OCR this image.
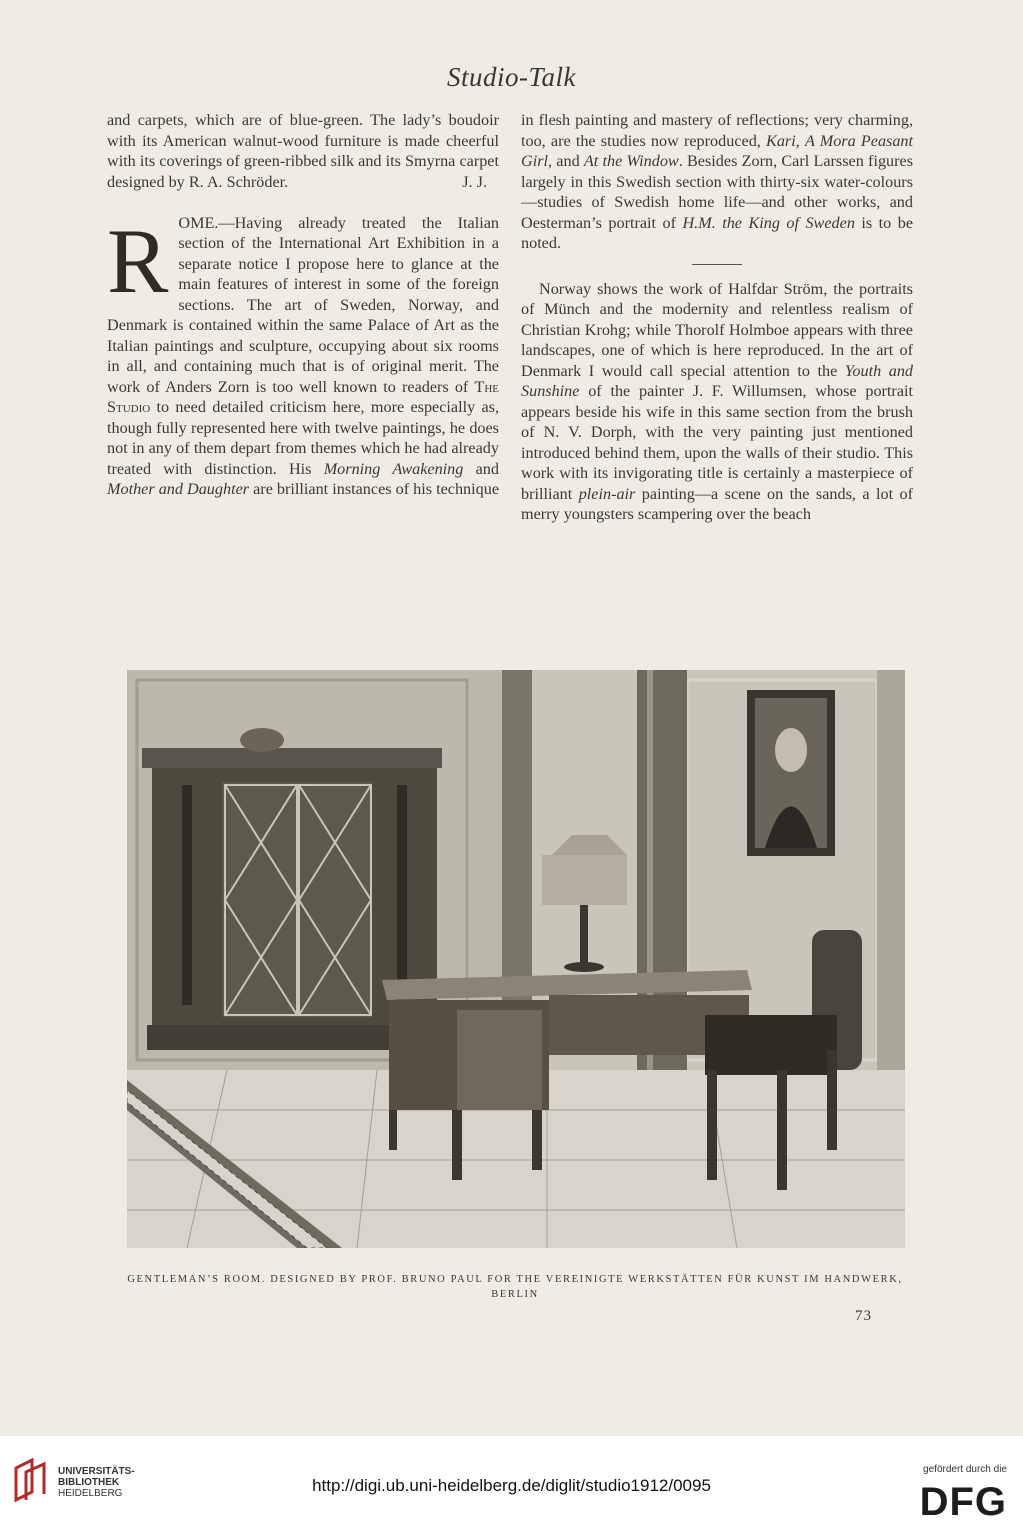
Studio-Talk

and carpets, which are of blue-green. The lady’s boudoir with its American walnut-wood furniture is made cheerful with its coverings of green-ribbed silk and its Smyrna carpet designed by R. A. Schröder.	J. J.

ROME.—Having already treated the Italian section of the International Art Exhibition in a separate notice I propose here to glance at the main features of interest in some of the foreign sections. The art of Sweden, Norway, and Denmark is contained within the same Palace of Art as the Italian paintings and sculpture, occupying about six rooms in all, and containing much that is of original merit. The work of Anders Zorn is too well known to readers of The Studio to need detailed criticism here, more especially as, though fully represented here with twelve paintings, he does not in any of them depart from themes which he had already treated with distinction. His Morning Awakening and Mother and Daughter are brilliant instances of his technique

in flesh painting and mastery of reflections; very charming, too, are the studies now reproduced, Kari, A Mora Peasant Girl, and At the Window. Besides Zorn, Carl Larssen figures largely in this Swedish section with thirty-six water-colours—studies of Swedish home life—and other works, and Oesterman’s portrait of H.M. the King of Sweden is to be noted.

Norway shows the work of Halfdar Ström, the portraits of Münch and the modernity and relentless realism of Christian Krohg; while Thorolf Holmboe appears with three landscapes, one of which is here reproduced. In the art of Denmark I would call special attention to the Youth and Sunshine of the painter J. F. Willumsen, whose portrait appears beside his wife in this same section from the brush of N. V. Dorph, with the very painting just mentioned introduced behind them, upon the walls of their studio. This work with its invigorating title is certainly a masterpiece of brilliant plein-air painting—a scene on the sands, a lot of merry youngsters scampering over the beach

GENTLEMAN’S ROOM. DESIGNED BY PROF. BRUNO PAUL FOR THE VEREINIGTE WERKSTÄTTEN FÜR KUNST IM HANDWERK, BERLIN
73
UNIVERSITÄTS-
BIBLIOTHEK
HEIDELBERG	http://digi.ub.uni-heidelberg.de/diglit/studio1912/0095
gefördert durch die
DFG
